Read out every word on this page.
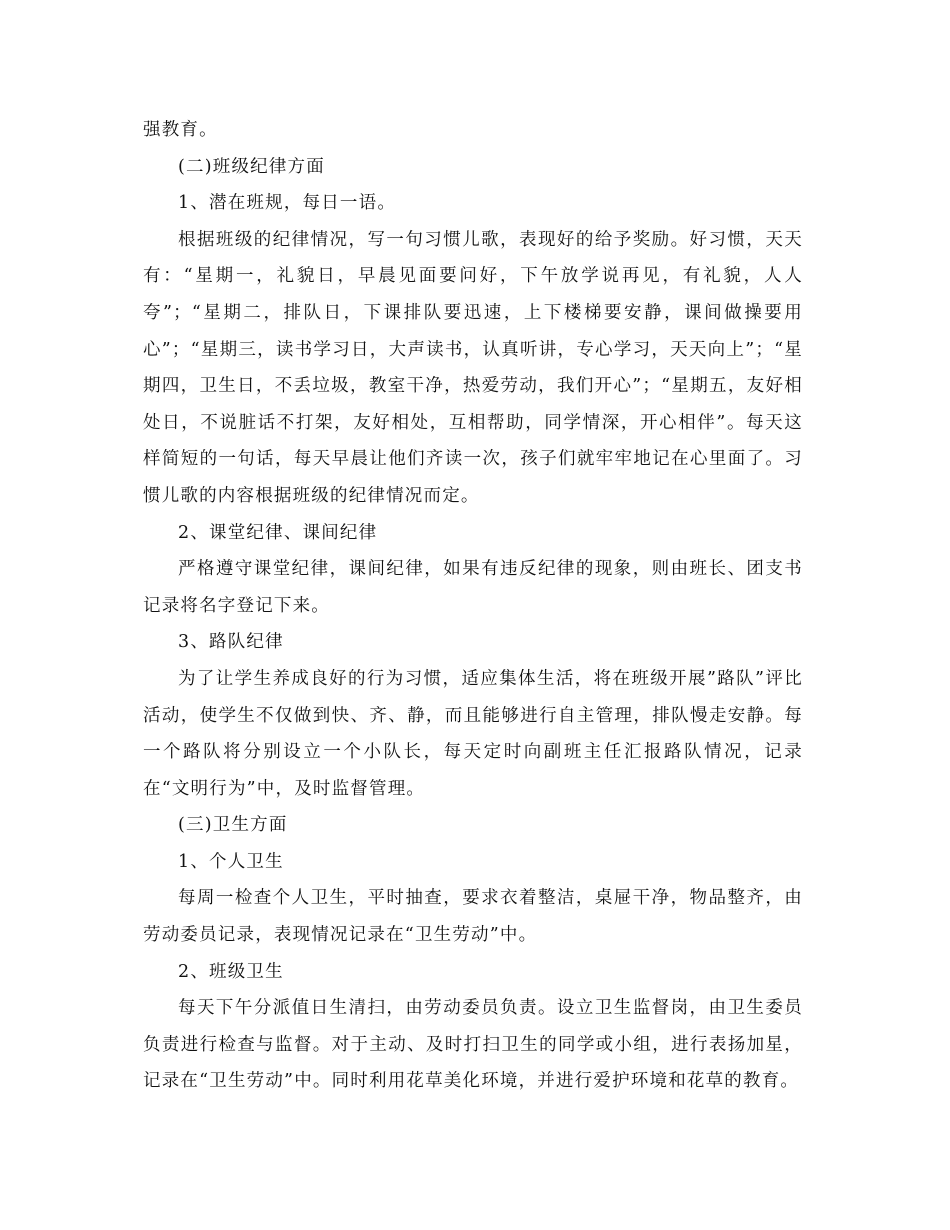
强教育。

(二)班级纪律方面

1、潜在班规，每日一语。

根据班级的纪律情况，写一句习惯儿歌，表现好的给予奖励。好习惯，天天有：“星期一，礼貌日，早晨见面要问好，下午放学说再见，有礼貌，人人夸”；“星期二，排队日，下课排队要迅速，上下楼梯要安静，课间做操要用心”；“星期三，读书学习日，大声读书，认真听讲，专心学习，天天向上”；“星期四，卫生日，不丢垃圾，教室干净，热爱劳动，我们开心”；“星期五，友好相处日，不说脏话不打架，友好相处，互相帮助，同学情深，开心相伴”。每天这样简短的一句话，每天早晨让他们齐读一次，孩子们就牢牢地记在心里面了。习惯儿歌的内容根据班级的纪律情况而定。

2、课堂纪律、课间纪律

严格遵守课堂纪律，课间纪律，如果有违反纪律的现象，则由班长、团支书记录将名字登记下来。

3、路队纪律

为了让学生养成良好的行为习惯，适应集体生活，将在班级开展”路队”评比活动，使学生不仅做到快、齐、静，而且能够进行自主管理，排队慢走安静。每一个路队将分别设立一个小队长，每天定时向副班主任汇报路队情况，记录在“文明行为”中，及时监督管理。

(三)卫生方面

1、个人卫生

每周一检查个人卫生，平时抽查，要求衣着整洁，桌屉干净，物品整齐，由劳动委员记录，表现情况记录在“卫生劳动”中。

2、班级卫生

每天下午分派值日生清扫，由劳动委员负责。设立卫生监督岗，由卫生委员负责进行检查与监督。对于主动、及时打扫卫生的同学或小组，进行表扬加星，记录在“卫生劳动”中。同时利用花草美化环境，并进行爱护环境和花草的教育。
